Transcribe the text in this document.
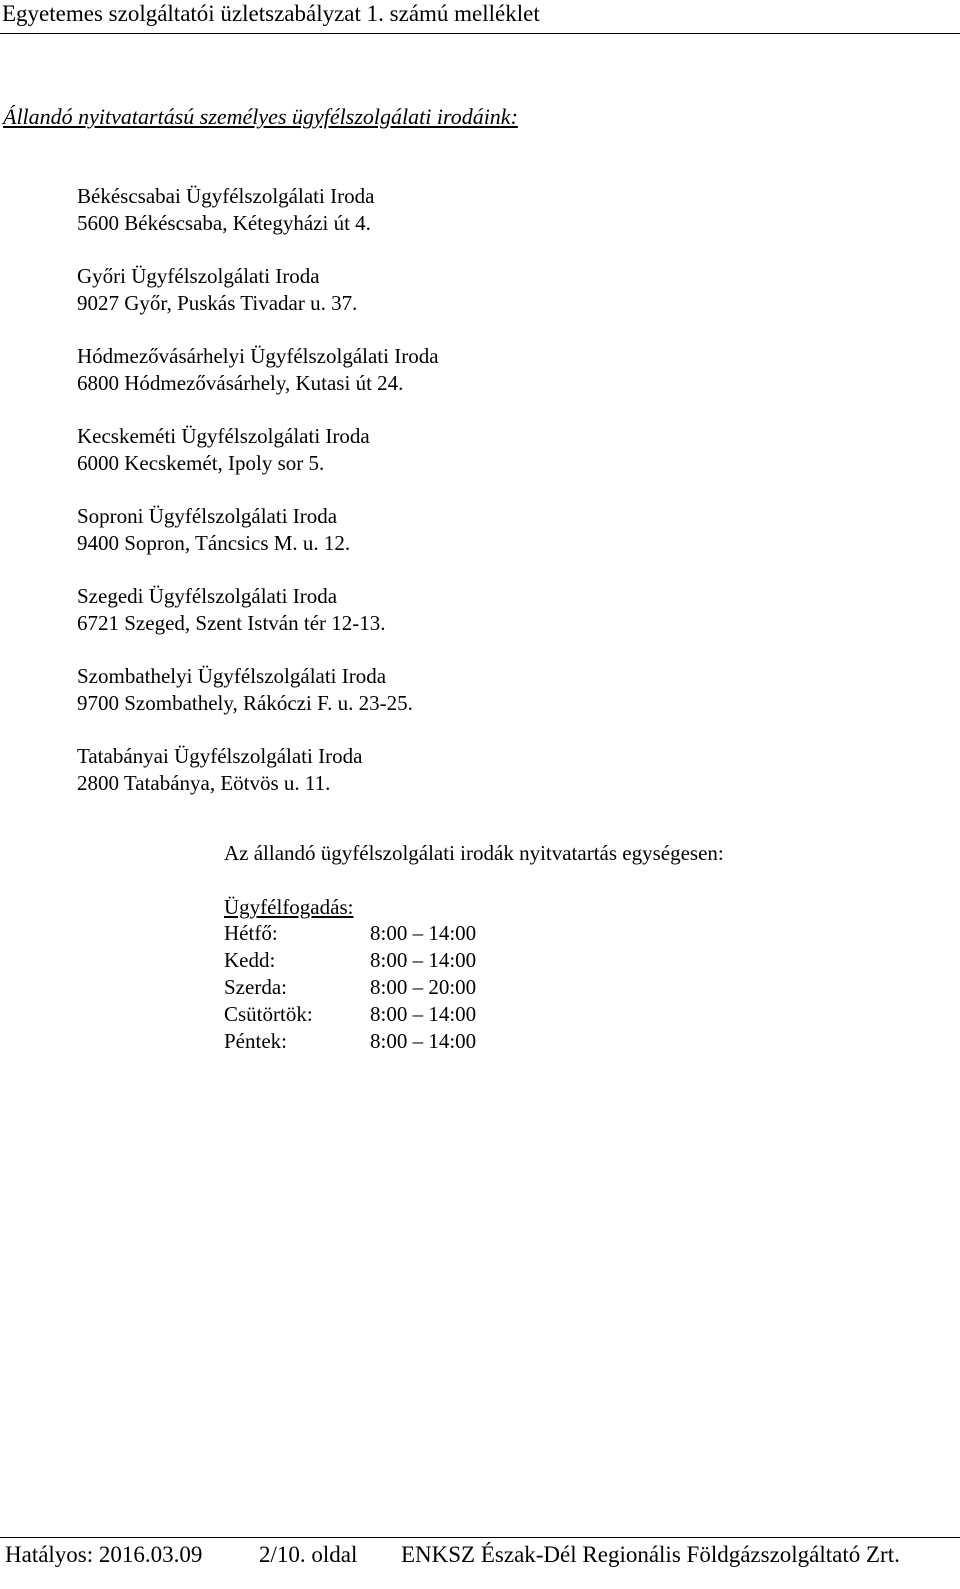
Egyetemes szolgáltatói üzletszabályzat 1. számú melléklet
Állandó nyitvatartású személyes ügyfélszolgálati irodáink:
Békéscsabai Ügyfélszolgálati Iroda
5600 Békéscsaba, Kétegyházi út 4.
Győri Ügyfélszolgálati Iroda
9027 Győr, Puskás Tivadar u. 37.
Hódmezővásárhelyi Ügyfélszolgálati Iroda
6800 Hódmezővásárhely, Kutasi út 24.
Kecskeméti Ügyfélszolgálati Iroda
6000 Kecskemét, Ipoly sor 5.
Soproni Ügyfélszolgálati Iroda
9400 Sopron, Táncsics M. u. 12.
Szegedi Ügyfélszolgálati Iroda
6721 Szeged, Szent István tér 12-13.
Szombathelyi Ügyfélszolgálati Iroda
9700 Szombathely, Rákóczi F. u. 23-25.
Tatabányai Ügyfélszolgálati Iroda
2800 Tatabánya, Eötvös u. 11.
Az állandó ügyfélszolgálati irodák nyitvatartás egységesen:
Ügyfélfogadás:
Hétfő:	8:00 – 14:00
Kedd:	8:00 – 14:00
Szerda:	8:00 – 20:00
Csütörtök:	8:00 – 14:00
Péntek:	8:00 – 14:00
Hatályos: 2016.03.09 2/10. oldal ENKSZ Észak-Dél Regionális Földgázszolgáltató Zrt.
